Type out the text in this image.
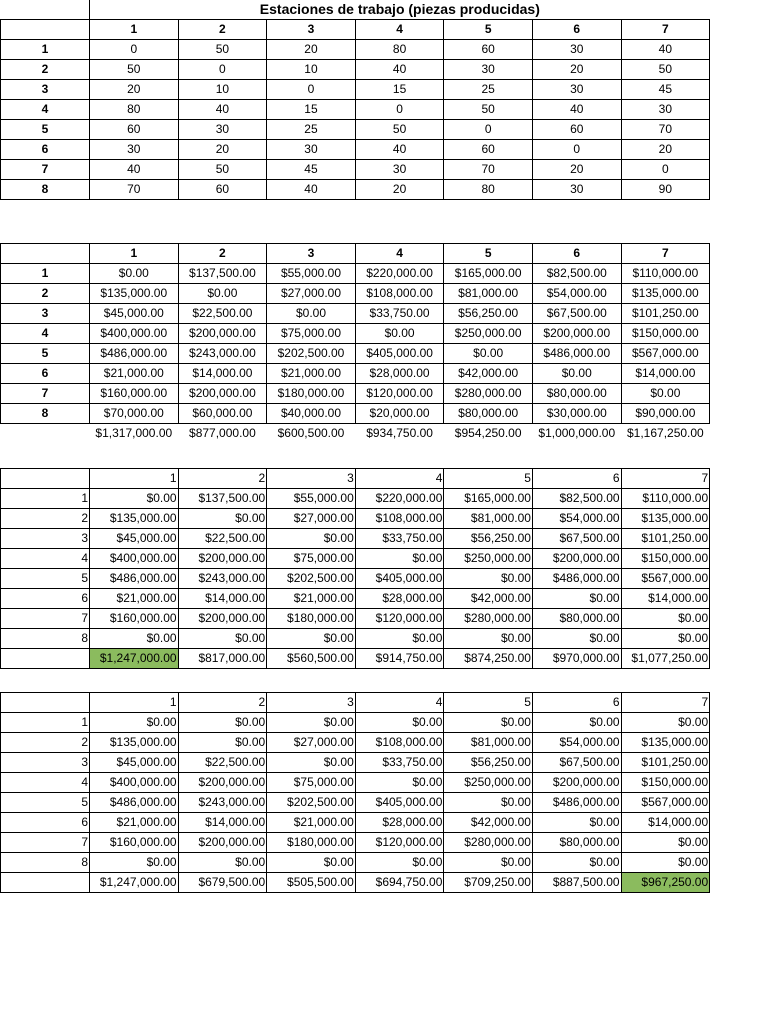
	Estaciones de trabajo (piezas producidas)						
	1	2	3	4	5	6	7
1	0	50	20	80	60	30	40
2	50	0	10	40	30	20	50
3	20	10	0	15	25	30	45
4	80	40	15	0	50	40	30
5	60	30	25	50	0	60	70
6	30	20	30	40	60	0	20
7	40	50	45	30	70	20	0
8	70	60	40	20	80	30	90
	1	2	3	4	5	6	7
1	$0.00	$137,500.00	$55,000.00	$220,000.00	$165,000.00	$82,500.00	$110,000.00
2	$135,000.00	$0.00	$27,000.00	$108,000.00	$81,000.00	$54,000.00	$135,000.00
3	$45,000.00	$22,500.00	$0.00	$33,750.00	$56,250.00	$67,500.00	$101,250.00
4	$400,000.00	$200,000.00	$75,000.00	$0.00	$250,000.00	$200,000.00	$150,000.00
5	$486,000.00	$243,000.00	$202,500.00	$405,000.00	$0.00	$486,000.00	$567,000.00
6	$21,000.00	$14,000.00	$21,000.00	$28,000.00	$42,000.00	$0.00	$14,000.00
7	$160,000.00	$200,000.00	$180,000.00	$120,000.00	$280,000.00	$80,000.00	$0.00
8	$70,000.00	$60,000.00	$40,000.00	$20,000.00	$80,000.00	$30,000.00	$90,000.00
	$1,317,000.00	$877,000.00	$600,500.00	$934,750.00	$954,250.00	$1,000,000.00	$1,167,250.00
	1	2	3	4	5	6	7
1	$0.00	$137,500.00	$55,000.00	$220,000.00	$165,000.00	$82,500.00	$110,000.00
2	$135,000.00	$0.00	$27,000.00	$108,000.00	$81,000.00	$54,000.00	$135,000.00
3	$45,000.00	$22,500.00	$0.00	$33,750.00	$56,250.00	$67,500.00	$101,250.00
4	$400,000.00	$200,000.00	$75,000.00	$0.00	$250,000.00	$200,000.00	$150,000.00
5	$486,000.00	$243,000.00	$202,500.00	$405,000.00	$0.00	$486,000.00	$567,000.00
6	$21,000.00	$14,000.00	$21,000.00	$28,000.00	$42,000.00	$0.00	$14,000.00
7	$160,000.00	$200,000.00	$180,000.00	$120,000.00	$280,000.00	$80,000.00	$0.00
8	$0.00	$0.00	$0.00	$0.00	$0.00	$0.00	$0.00
	$1,247,000.00	$817,000.00	$560,500.00	$914,750.00	$874,250.00	$970,000.00	$1,077,250.00
	1	2	3	4	5	6	7
1	$0.00	$0.00	$0.00	$0.00	$0.00	$0.00	$0.00
2	$135,000.00	$0.00	$27,000.00	$108,000.00	$81,000.00	$54,000.00	$135,000.00
3	$45,000.00	$22,500.00	$0.00	$33,750.00	$56,250.00	$67,500.00	$101,250.00
4	$400,000.00	$200,000.00	$75,000.00	$0.00	$250,000.00	$200,000.00	$150,000.00
5	$486,000.00	$243,000.00	$202,500.00	$405,000.00	$0.00	$486,000.00	$567,000.00
6	$21,000.00	$14,000.00	$21,000.00	$28,000.00	$42,000.00	$0.00	$14,000.00
7	$160,000.00	$200,000.00	$180,000.00	$120,000.00	$280,000.00	$80,000.00	$0.00
8	$0.00	$0.00	$0.00	$0.00	$0.00	$0.00	$0.00
	$1,247,000.00	$679,500.00	$505,500.00	$694,750.00	$709,250.00	$887,500.00	$967,250.00
